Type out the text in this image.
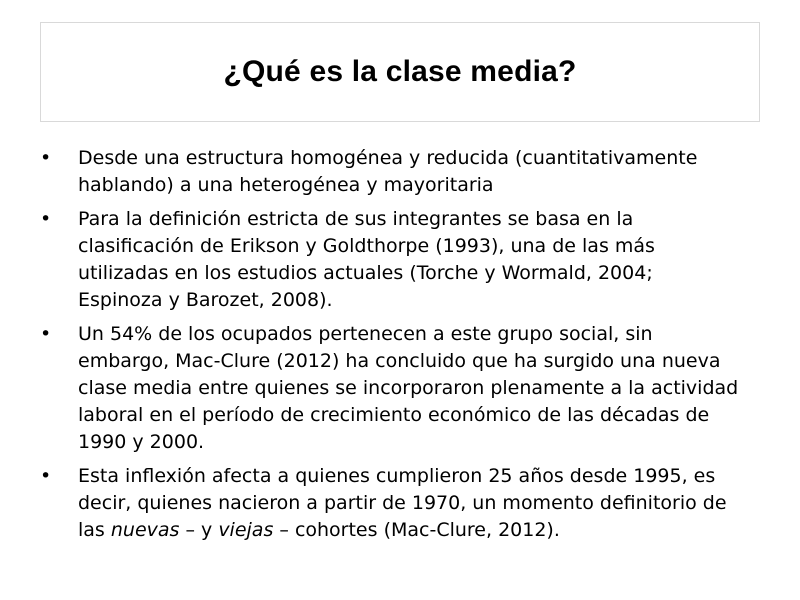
¿Qué es la clase media?
•	Desde una estructura homogénea y reducida (cuantitativamente hablando) a una heterogénea y mayoritaria
•	Para la definición estricta de sus integrantes se basa en la clasificación de Erikson y Goldthorpe (1993), una de las más utilizadas en los estudios actuales (Torche y Wormald, 2004; Espinoza y Barozet, 2008).
•	Un 54% de los ocupados pertenecen a este grupo social, sin embargo, Mac-Clure (2012) ha concluido que ha surgido una nueva clase media entre quienes se incorporaron plenamente a la actividad laboral en el período de crecimiento económico de las décadas de 1990 y 2000.
•	Esta inflexión afecta a quienes cumplieron 25 años desde 1995, es decir, quienes nacieron a partir de 1970, un momento definitorio de las nuevas – y viejas – cohortes (Mac-Clure, 2012).
